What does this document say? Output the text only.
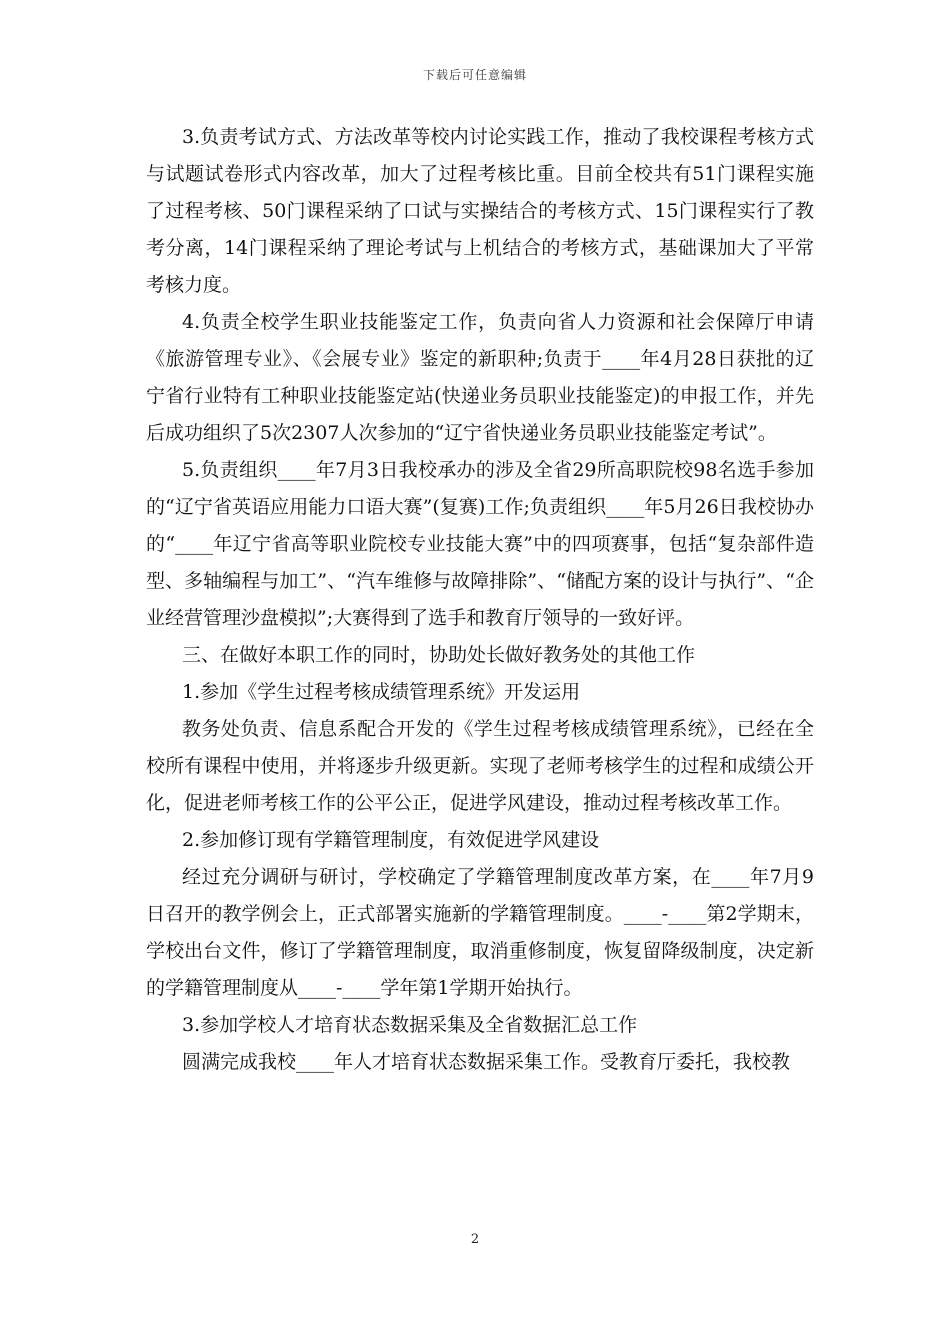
下载后可任意编辑

3.负责考试方式、方法改革等校内讨论实践工作，推动了我校课程考核方式与试题试卷形式内容改革，加大了过程考核比重。目前全校共有51门课程实施了过程考核、50门课程采纳了口试与实操结合的考核方式、15门课程实行了教考分离，14门课程采纳了理论考试与上机结合的考核方式，基础课加大了平常考核力度。

4.负责全校学生职业技能鉴定工作，负责向省人力资源和社会保障厅申请《旅游管理专业》、《会展专业》鉴定的新职种;负责于____年4月28日获批的辽宁省行业特有工种职业技能鉴定站(快递业务员职业技能鉴定)的申报工作，并先后成功组织了5次2307人次参加的“辽宁省快递业务员职业技能鉴定考试”。

5.负责组织____年7月3日我校承办的涉及全省29所高职院校98名选手参加的“辽宁省英语应用能力口语大赛”(复赛)工作;负责组织____年5月26日我校协办的“____年辽宁省高等职业院校专业技能大赛”中的四项赛事，包括“复杂部件造型、多轴编程与加工”、“汽车维修与故障排除”、“储配方案的设计与执行”、“企业经营管理沙盘模拟”;大赛得到了选手和教育厅领导的一致好评。

三、在做好本职工作的同时，协助处长做好教务处的其他工作

1.参加《学生过程考核成绩管理系统》开发运用

教务处负责、信息系配合开发的《学生过程考核成绩管理系统》，已经在全校所有课程中使用，并将逐步升级更新。实现了老师考核学生的过程和成绩公开化，促进老师考核工作的公平公正，促进学风建设，推动过程考核改革工作。

2.参加修订现有学籍管理制度，有效促进学风建设

经过充分调研与研讨，学校确定了学籍管理制度改革方案，在____年7月9日召开的教学例会上，正式部署实施新的学籍管理制度。____-____第2学期末，学校出台文件，修订了学籍管理制度，取消重修制度，恢复留降级制度，决定新的学籍管理制度从____-____学年第1学期开始执行。

3.参加学校人才培育状态数据采集及全省数据汇总工作

圆满完成我校____年人才培育状态数据采集工作。受教育厅委托，我校教

2
